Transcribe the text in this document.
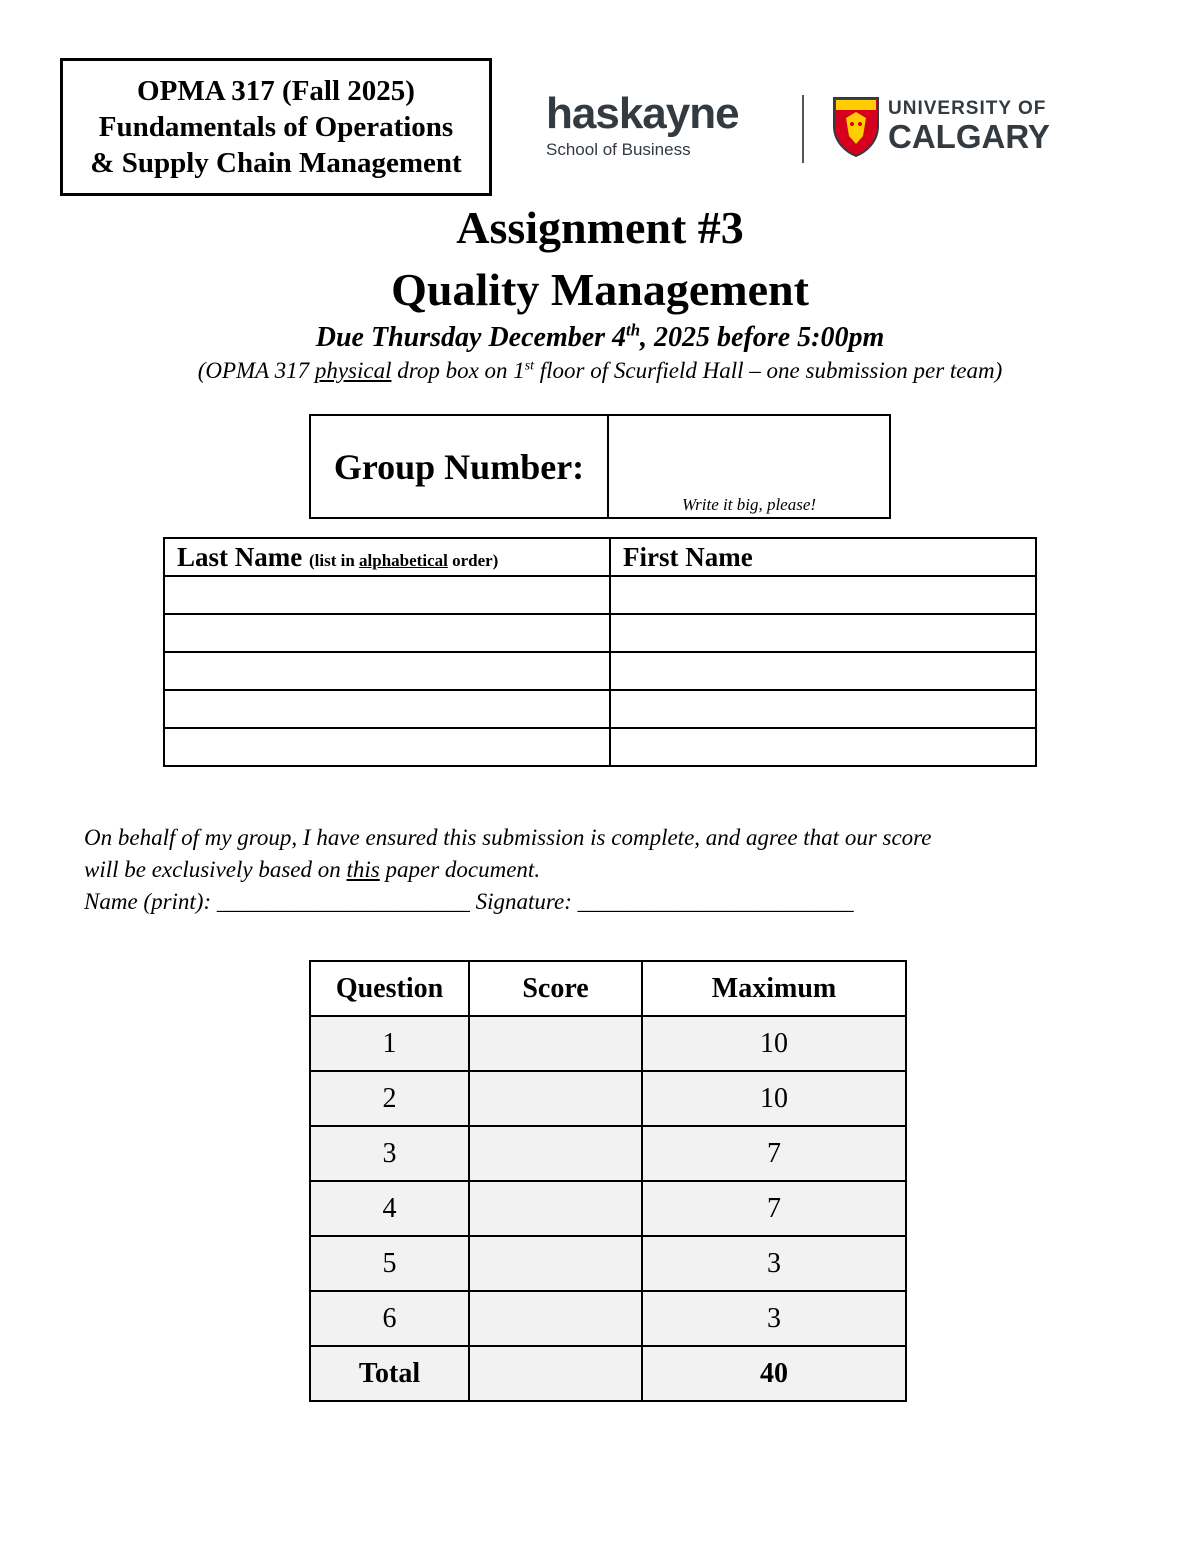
OPMA 317 (Fall 2025)
Fundamentals of Operations
& Supply Chain Management
haskayne
School of Business
UNIVERSITY OF
CALGARY
Assignment #3
Quality Management
Due Thursday December 4th, 2025 before 5:00pm
(OPMA 317 physical drop box on 1st floor of Scurfield Hall – one submission per team)
Group Number:
Write it big, please!
Last Name (list in alphabetical order)	First Name

On behalf of my group, I have ensured this submission is complete, and agree that our score
will be exclusively based on this paper document.
Name (print): ______________________ Signature: ________________________
Question	Score	Maximum
1		10
2		10
3		7
4		7
5		3
6		3
Total		40
